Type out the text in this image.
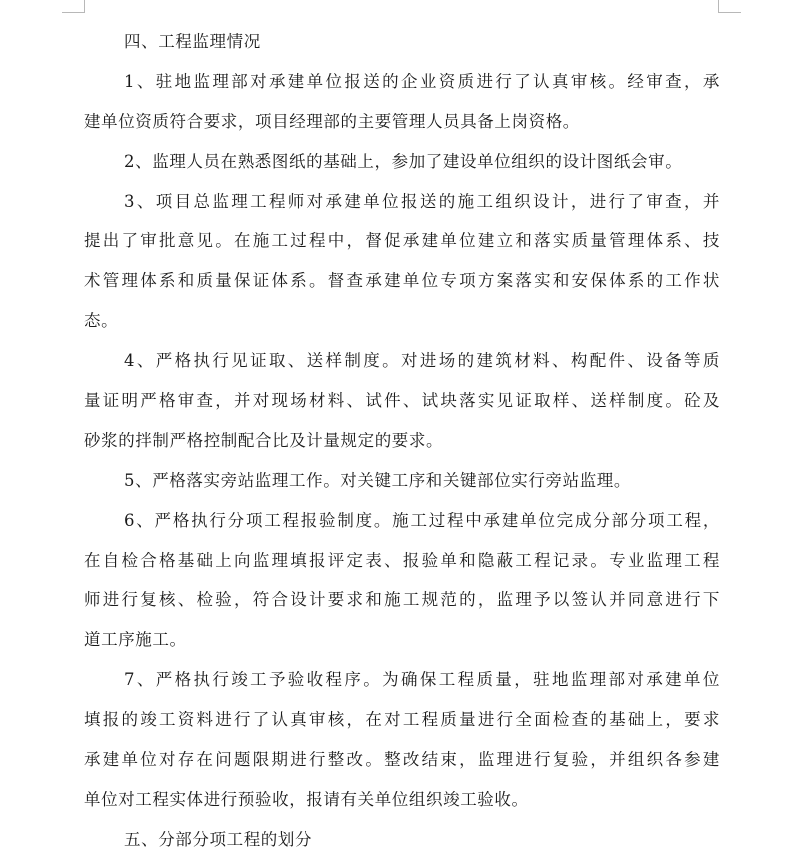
四、工程监理情况
1、驻地监理部对承建单位报送的企业资质进行了认真审核。经审查，承
建单位资质符合要求，项目经理部的主要管理人员具备上岗资格。
2、监理人员在熟悉图纸的基础上，参加了建设单位组织的设计图纸会审。
3、项目总监理工程师对承建单位报送的施工组织设计，进行了审查，并
提出了审批意见。在施工过程中，督促承建单位建立和落实质量管理体系、技
术管理体系和质量保证体系。督查承建单位专项方案落实和安保体系的工作状
态。
4、严格执行见证取、送样制度。对进场的建筑材料、构配件、设备等质
量证明严格审查，并对现场材料、试件、试块落实见证取样、送样制度。砼及
砂浆的拌制严格控制配合比及计量规定的要求。
5、严格落实旁站监理工作。对关键工序和关键部位实行旁站监理。
6、严格执行分项工程报验制度。施工过程中承建单位完成分部分项工程，
在自检合格基础上向监理填报评定表、报验单和隐蔽工程记录。专业监理工程
师进行复核、检验，符合设计要求和施工规范的，监理予以签认并同意进行下
道工序施工。
7、严格执行竣工予验收程序。为确保工程质量，驻地监理部对承建单位
填报的竣工资料进行了认真审核，在对工程质量进行全面检查的基础上，要求
承建单位对存在问题限期进行整改。整改结束，监理进行复验，并组织各参建
单位对工程实体进行预验收，报请有关单位组织竣工验收。
五、分部分项工程的划分
